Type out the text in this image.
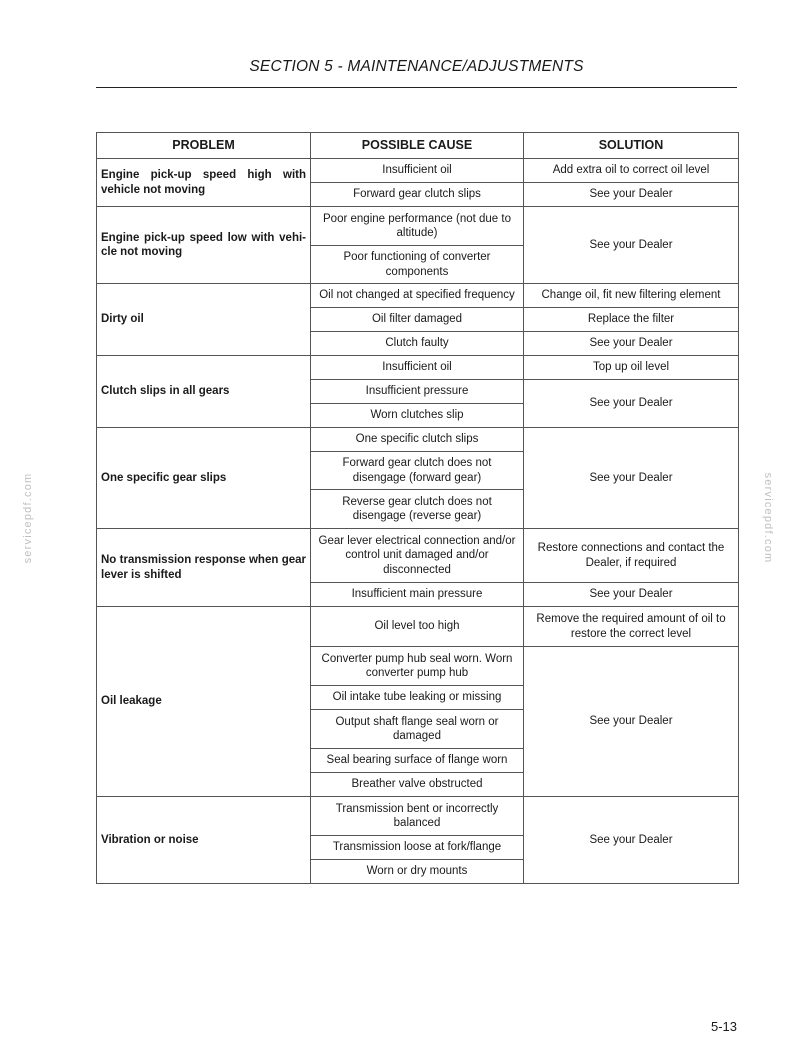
SECTION 5 - MAINTENANCE/ADJUSTMENTS
servicepdf.com	servicepdf.com
PROBLEM	POSSIBLE CAUSE	SOLUTION
Engine pick-up speed high with vehicle not moving	Insufficient oil	Add extra oil to correct oil level
	Forward gear clutch slips	See your Dealer
Engine pick-up speed low with vehi-cle not moving	Poor engine performance (not due to altitude)	See your Dealer
	Poor functioning of converter components	
Dirty oil	Oil not changed at specified frequency	Change oil, fit new filtering element
	Oil filter damaged	Replace the filter
	Clutch faulty	See your Dealer
Clutch slips in all gears	Insufficient oil	Top up oil level
	Insufficient pressure	See your Dealer
	Worn clutches slip	
One specific gear slips	One specific clutch slips	See your Dealer
	Forward gear clutch does not disengage (forward gear)	
	Reverse gear clutch does not disengage (reverse gear)	
No transmission response when gear lever is shifted	Gear lever electrical connection and/or control unit damaged and/or disconnected	Restore connections and contact the Dealer, if required
	Insufficient main pressure	See your Dealer
Oil leakage	Oil level too high	Remove the required amount of oil to restore the correct level
	Converter pump hub seal worn. Worn converter pump hub	See your Dealer
	Oil intake tube leaking or missing	
	Output shaft flange seal worn or damaged	
	Seal bearing surface of flange worn	
	Breather valve obstructed	
Vibration or noise	Transmission bent or incorrectly balanced	See your Dealer
	Transmission loose at fork/flange	
	Worn or dry mounts	
5-13
